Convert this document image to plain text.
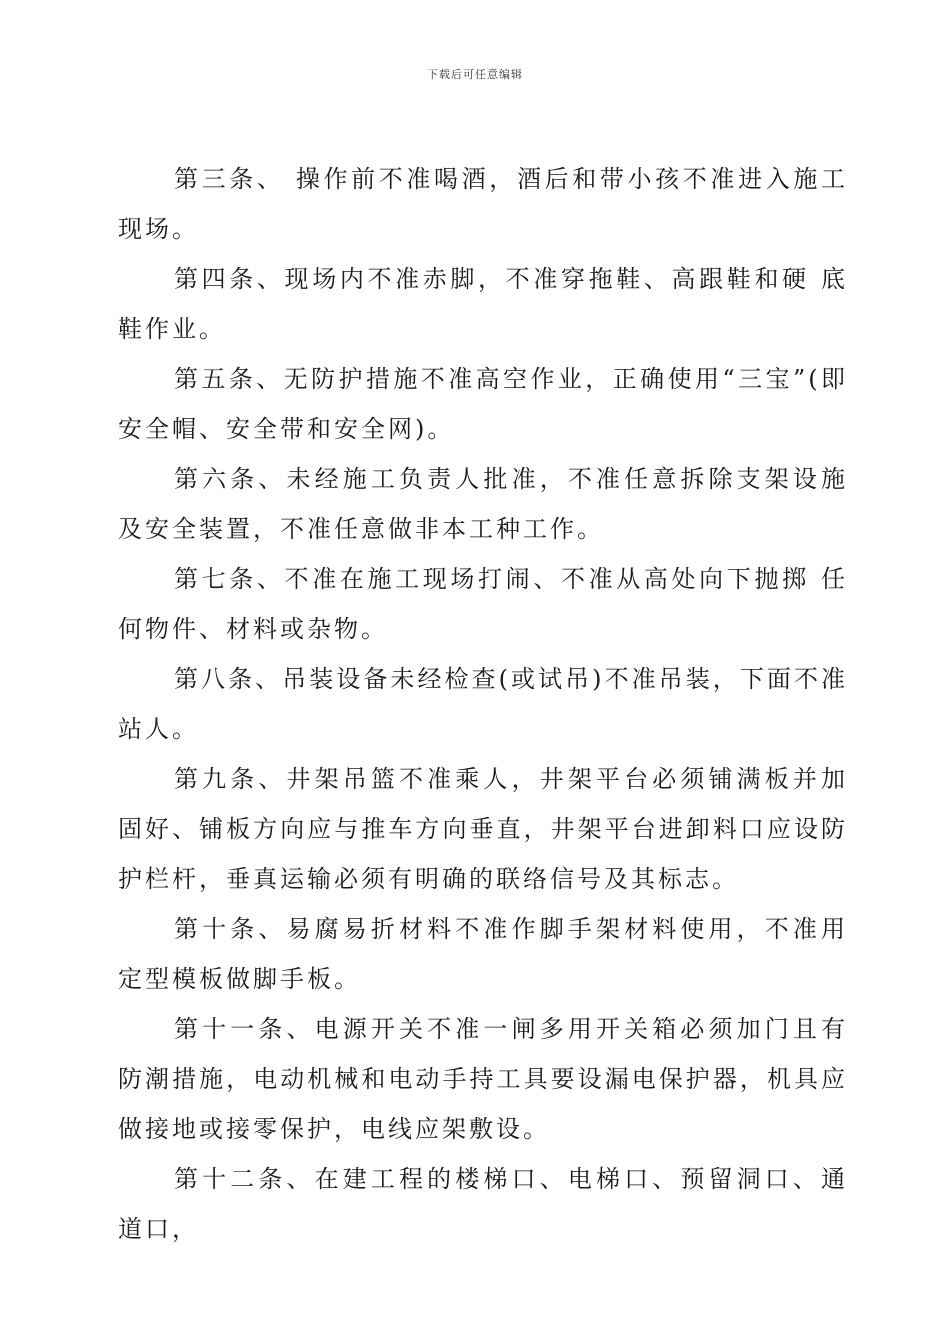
下载后可任意编辑

第三条、 操作前不准喝酒，酒后和带小孩不准进入施工现场。

第四条、现场内不准赤脚，不准穿拖鞋、高跟鞋和硬 底鞋作业。

第五条、无防护措施不准高空作业，正确使用“三宝”(即安全帽、安全带和安全网)。

第六条、未经施工负责人批准，不准任意拆除支架设施及安全装置，不准任意做非本工种工作。

第七条、不准在施工现场打闹、不准从高处向下抛掷 任何物件、材料或杂物。

第八条、吊装设备未经检查(或试吊)不准吊装，下面不准站人。

第九条、井架吊篮不准乘人，井架平台必须铺满板并加固好、铺板方向应与推车方向垂直，井架平台进卸料口应设防护栏杆，垂真运输必须有明确的联络信号及其标志。

第十条、易腐易折材料不准作脚手架材料使用，不准用定型模板做脚手板。

第十一条、电源开关不准一闸多用开关箱必须加门且有防潮措施，电动机械和电动手持工具要设漏电保护器，机具应做接地或接零保护，电线应架敷设。

第十二条、在建工程的楼梯口、电梯口、预留洞口、通道口，
